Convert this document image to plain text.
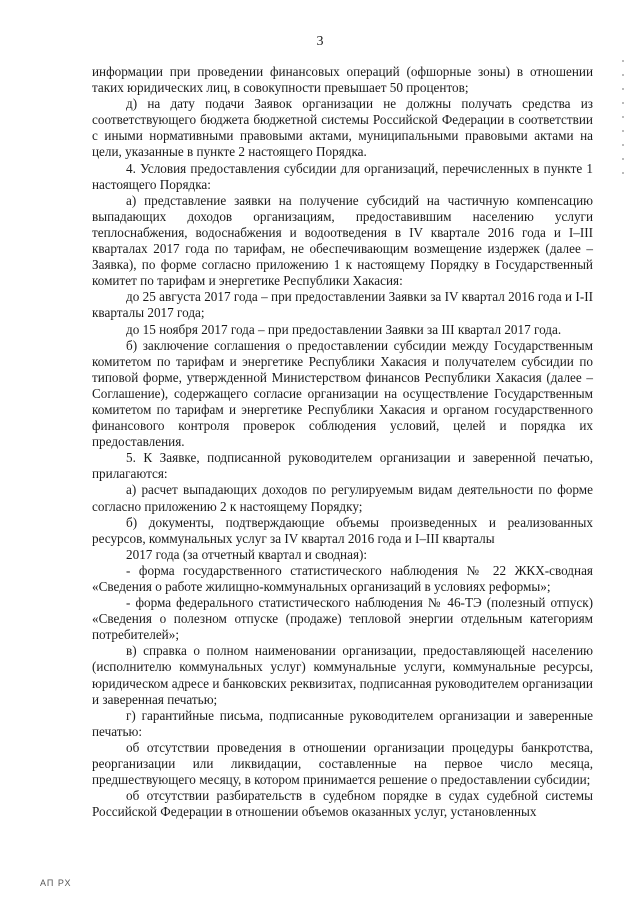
3

информации при проведении финансовых операций (офшорные зоны) в отношении таких юридических лиц, в совокупности превышает 50 процентов;

д) на дату подачи Заявок организации не должны получать средства из соответствующего бюджета бюджетной системы Российской Федерации в соответствии с иными нормативными правовыми актами, муниципальными правовыми актами на цели, указанные в пункте 2 настоящего Порядка.

4. Условия предоставления субсидии для организаций, перечисленных в пункте 1 настоящего Порядка:

а) представление заявки на получение субсидий на частичную компенсацию выпадающих доходов организациям, предоставившим населению услуги теплоснабжения, водоснабжения и водоотведения в IV квартале 2016 года и I–III кварталах 2017 года по тарифам, не обеспечивающим возмещение издержек (далее – Заявка), по форме согласно приложению 1 к настоящему Порядку в Государственный комитет по тарифам и энергетике Республики Хакасия:

до 25 августа 2017 года – при предоставлении Заявки за IV квартал 2016 года и I-II кварталы 2017 года;

до 15 ноября 2017 года – при предоставлении Заявки за III квартал 2017 года.

б) заключение соглашения о предоставлении субсидии между Государственным комитетом по тарифам и энергетике Республики Хакасия и получателем субсидии по типовой форме, утвержденной Министерством финансов Республики Хакасия (далее – Соглашение), содержащего согласие организации на осуществление Государственным комитетом по тарифам и энергетике Республики Хакасия и органом государственного финансового контроля проверок соблюдения условий, целей и порядка их предоставления.

5. К Заявке, подписанной руководителем организации и заверенной печатью, прилагаются:

а) расчет выпадающих доходов по регулируемым видам деятельности по форме согласно приложению 2 к настоящему Порядку;

б) документы, подтверждающие объемы произведенных и реализованных ресурсов, коммунальных услуг за IV квартал 2016 года и I–III кварталы

2017 года (за отчетный квартал и сводная):

- форма государственного статистического наблюдения № 22 ЖКХ-сводная «Сведения о работе жилищно-коммунальных организаций в условиях реформы»;

- форма федерального статистического наблюдения № 46-ТЭ (полезный отпуск) «Сведения о полезном отпуске (продаже) тепловой энергии отдельным категориям потребителей»;

в) справка о полном наименовании организации, предоставляющей населению (исполнителю коммунальных услуг) коммунальные услуги, коммунальные ресурсы, юридическом адресе и банковских реквизитах, подписанная руководителем организации и заверенная печатью;

г) гарантийные письма, подписанные руководителем организации и заверенные печатью:

об отсутствии проведения в отношении организации процедуры банкротства, реорганизации или ликвидации, составленные на первое число месяца, предшествующего месяцу, в котором принимается решение о предоставлении субсидии;

об отсутствии разбирательств в судебном порядке в судах судебной системы Российской Федерации в отношении объемов оказанных услуг, установленных

АП РХ
